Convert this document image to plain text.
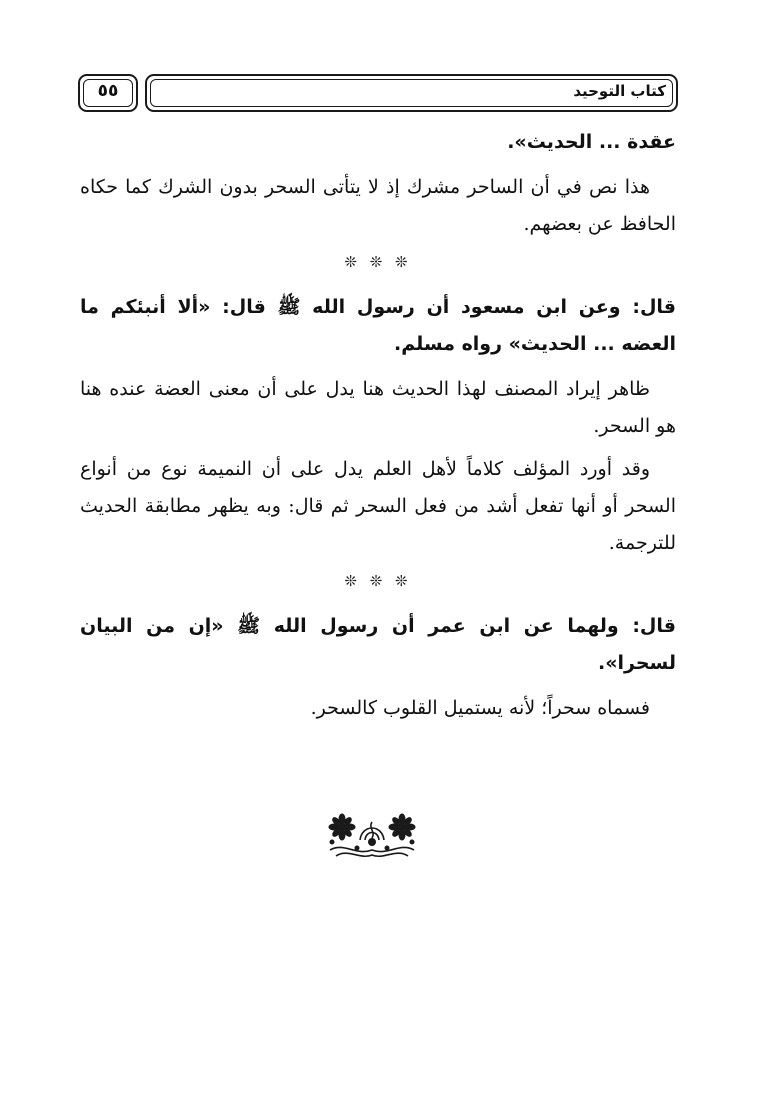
كتاب التوحيد
٥٥

عقدة ... الحديث».

هذا نص في أن الساحر مشرك إذ لا يتأتى السحر بدون الشرك كما حكاه الحافظ عن بعضهم.

❊ ❊ ❊

قال: وعن ابن مسعود أن رسول الله ﷺ قال: «ألا أنبئكم ما العضه ... الحديث» رواه مسلم.

ظاهر إيراد المصنف لهذا الحديث هنا يدل على أن معنى العضة عنده هنا هو السحر.

وقد أورد المؤلف كلاماً لأهل العلم يدل على أن النميمة نوع من أنواع السحر أو أنها تفعل أشد من فعل السحر ثم قال: وبه يظهر مطابقة الحديث للترجمة.

❊ ❊ ❊

قال: ولهما عن ابن عمر أن رسول الله ﷺ «إن من البيان لسحرا».

فسماه سحراً؛ لأنه يستميل القلوب كالسحر.
